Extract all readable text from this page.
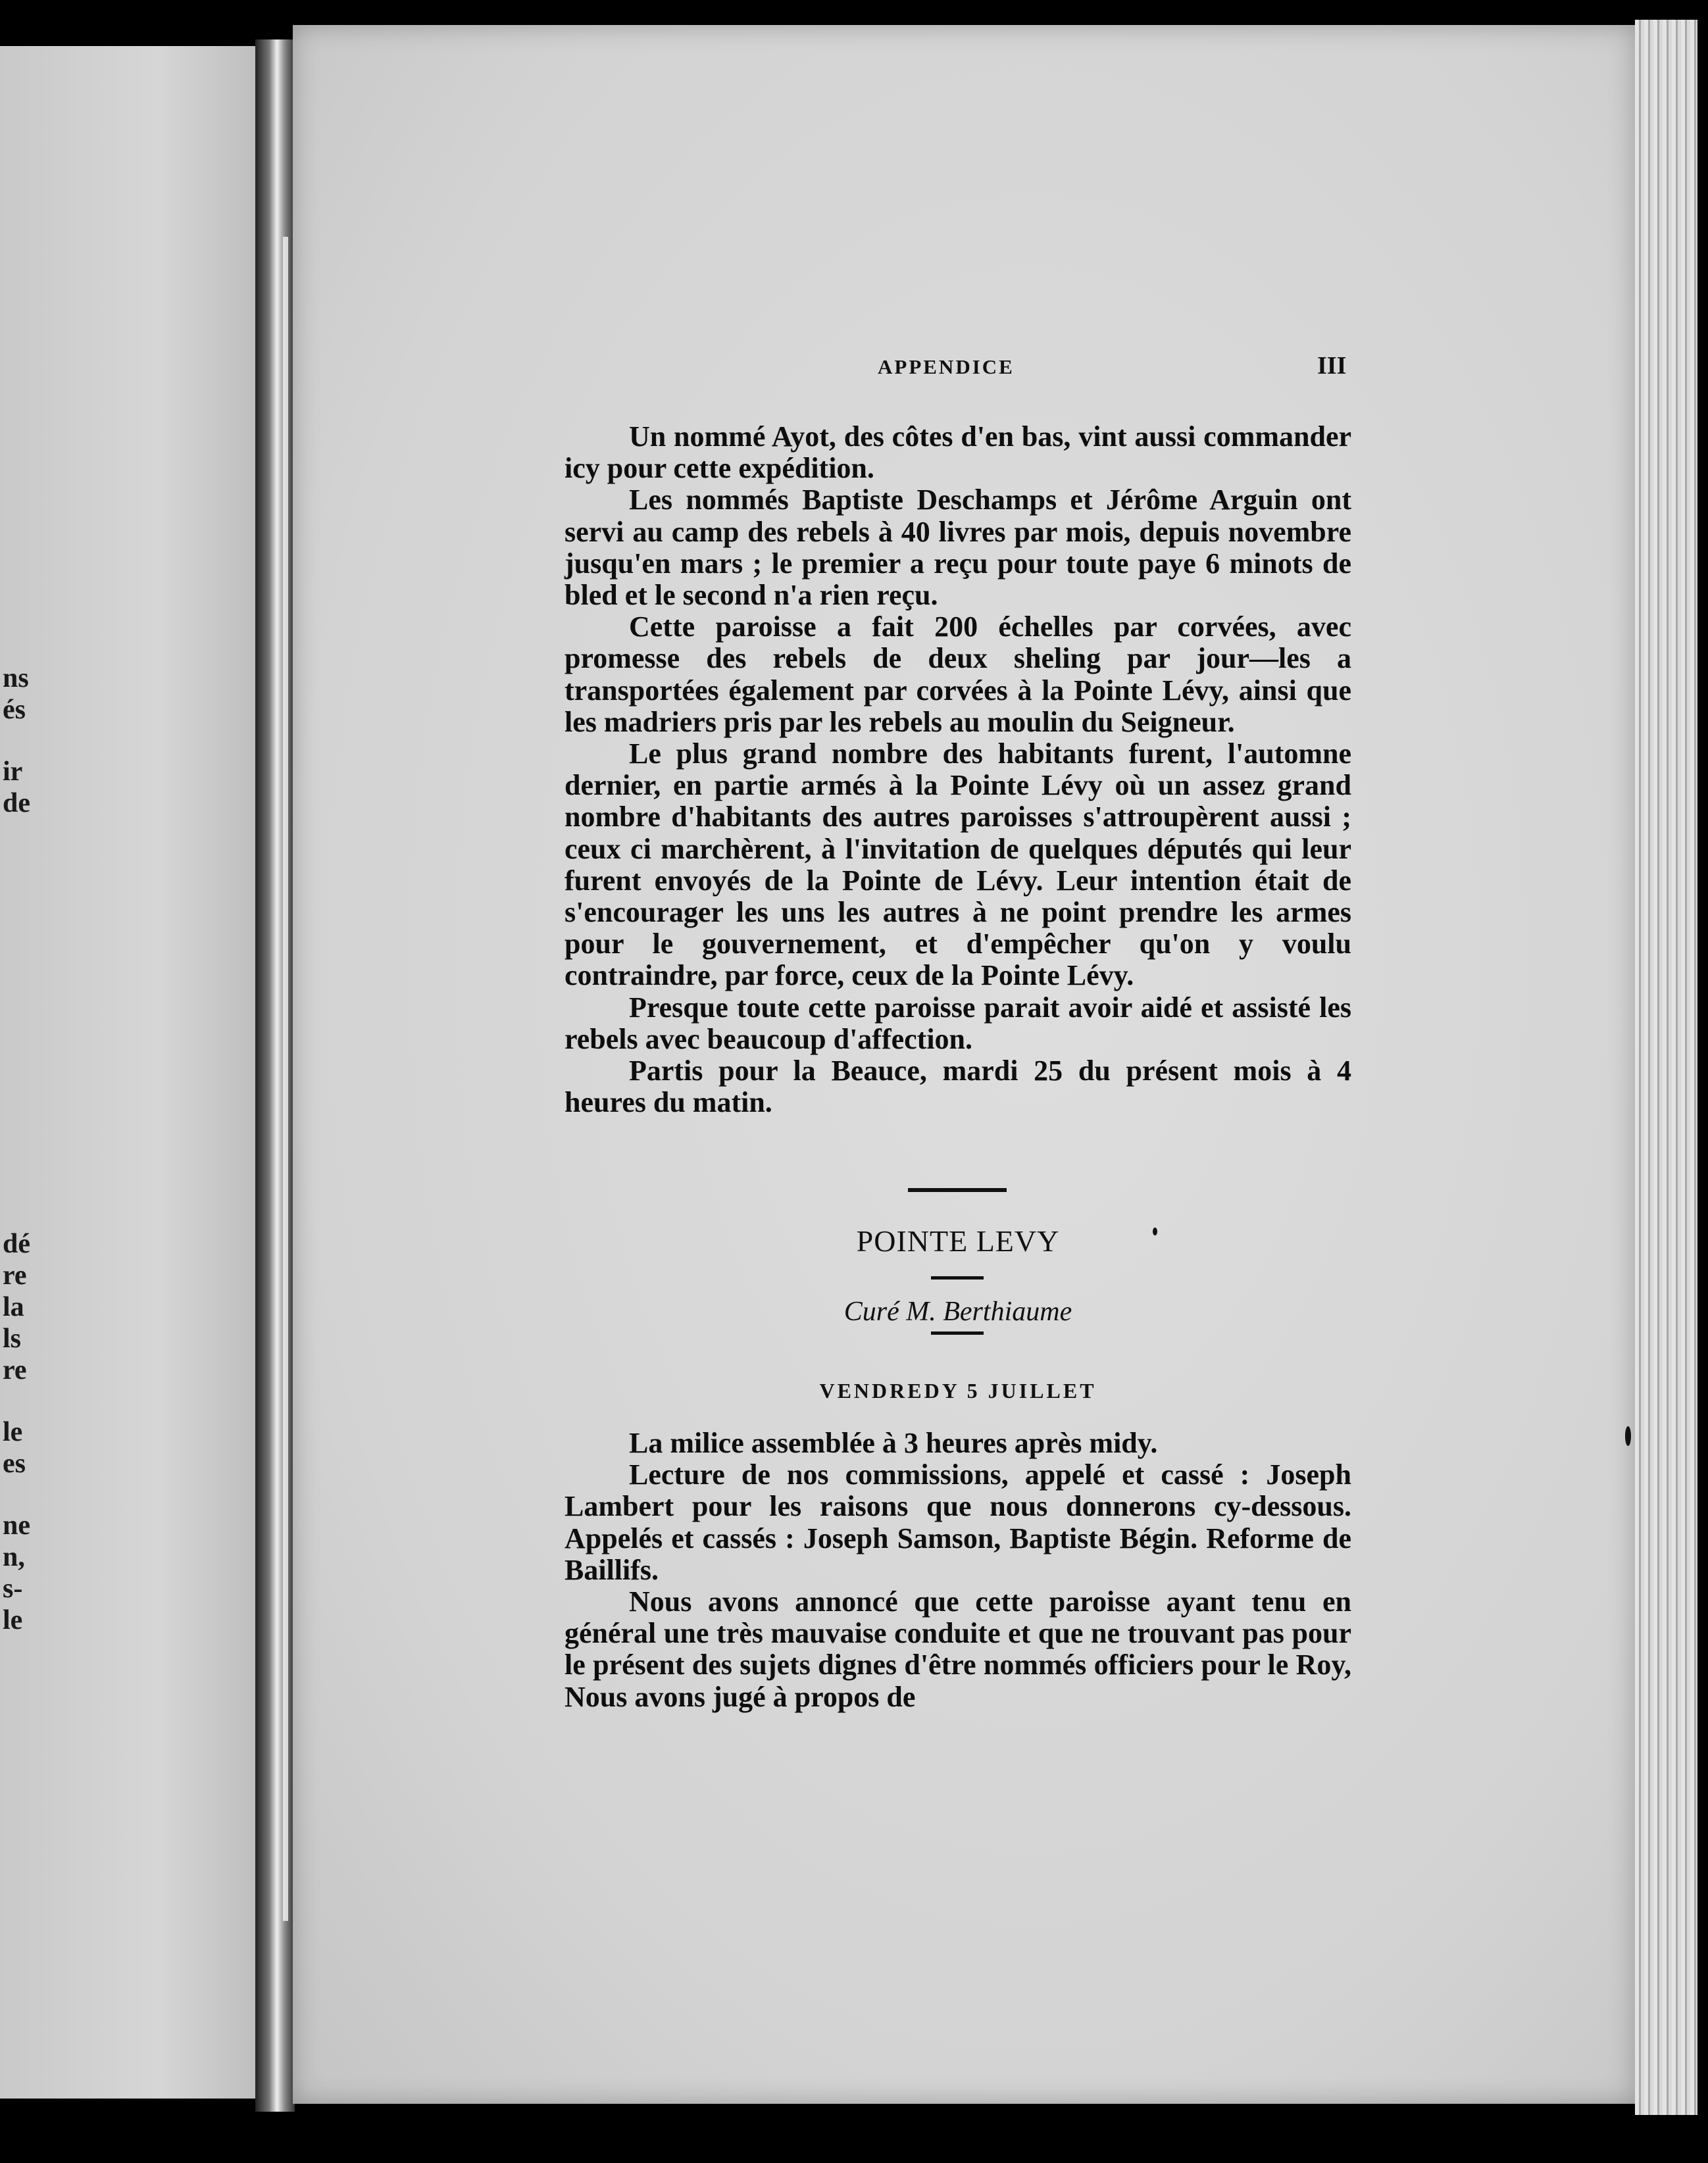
ns
és
ir
de
dé
re
la
ls
re
le
es
ne
n,
s-
le
APPENDICE	III

Un nommé Ayot, des côtes d'en bas, vint aussi commander icy pour cette expédition.

Les nommés Baptiste Deschamps et Jérôme Arguin ont servi au camp des rebels à 40 livres par mois, depuis novembre jusqu'en mars ; le premier a reçu pour toute paye 6 minots de bled et le second n'a rien reçu.

Cette paroisse a fait 200 échelles par corvées, avec promesse des rebels de deux sheling par jour—les a transportées également par corvées à la Pointe Lévy, ainsi que les madriers pris par les rebels au moulin du Seigneur.

Le plus grand nombre des habitants furent, l'automne dernier, en partie armés à la Pointe Lévy où un assez grand nombre d'habitants des autres paroisses s'attroupèrent aussi ; ceux ci marchèrent, à l'invitation de quelques députés qui leur furent envoyés de la Pointe de Lévy. Leur intention était de s'encourager les uns les autres à ne point prendre les armes pour le gouvernement, et d'empêcher qu'on y voulu contraindre, par force, ceux de la Pointe Lévy.

Presque toute cette paroisse parait avoir aidé et assisté les rebels avec beaucoup d'affection.

Partis pour la Beauce, mardi 25 du présent mois à 4 heures du matin.

POINTE LEVY
Curé M. Berthiaume
VENDREDY 5 JUILLET

La milice assemblée à 3 heures après midy.

Lecture de nos commissions, appelé et cassé : Joseph Lambert pour les raisons que nous donnerons cy-dessous. Appelés et cassés : Joseph Samson, Baptiste Bégin. Reforme de Baillifs.

Nous avons annoncé que cette paroisse ayant tenu en général une très mauvaise conduite et que ne trouvant pas pour le présent des sujets dignes d'être nommés officiers pour le Roy, Nous avons jugé à propos de
